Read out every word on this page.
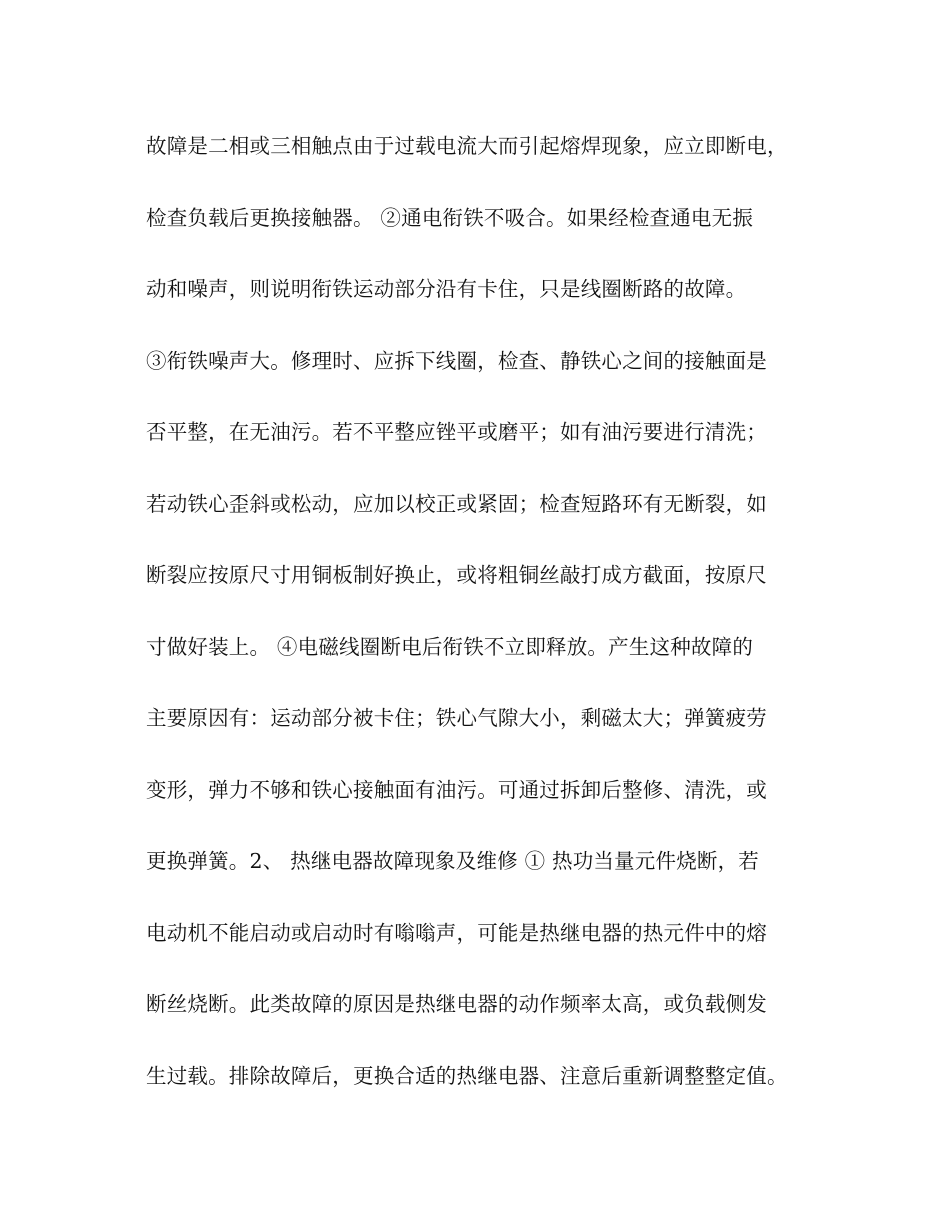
故障是二相或三相触点由于过载电流大而引起熔焊现象，应立即断电，
检查负载后更换接触器。 ②通电衔铁不吸合。如果经检查通电无振
动和噪声，则说明衔铁运动部分沿有卡住，只是线圈断路的故障。
③衔铁噪声大。修理时、应拆下线圈，检查、静铁心之间的接触面是
否平整，在无油污。若不平整应锉平或磨平；如有油污要进行清洗；
若动铁心歪斜或松动，应加以校正或紧固；检查短路环有无断裂，如
断裂应按原尺寸用铜板制好换止，或将粗铜丝敲打成方截面，按原尺
寸做好装上。 ④电磁线圈断电后衔铁不立即释放。产生这种故障的
主要原因有：运动部分被卡住；铁心气隙大小，剩磁太大；弹簧疲劳
变形，弹力不够和铁心接触面有油污。可通过拆卸后整修、清洗，或
更换弹簧。2、 热继电器故障现象及维修 ① 热功当量元件烧断，若
电动机不能启动或启动时有嗡嗡声，可能是热继电器的热元件中的熔
断丝烧断。此类故障的原因是热继电器的动作频率太高，或负载侧发
生过载。排除故障后，更换合适的热继电器、注意后重新调整整定值。
